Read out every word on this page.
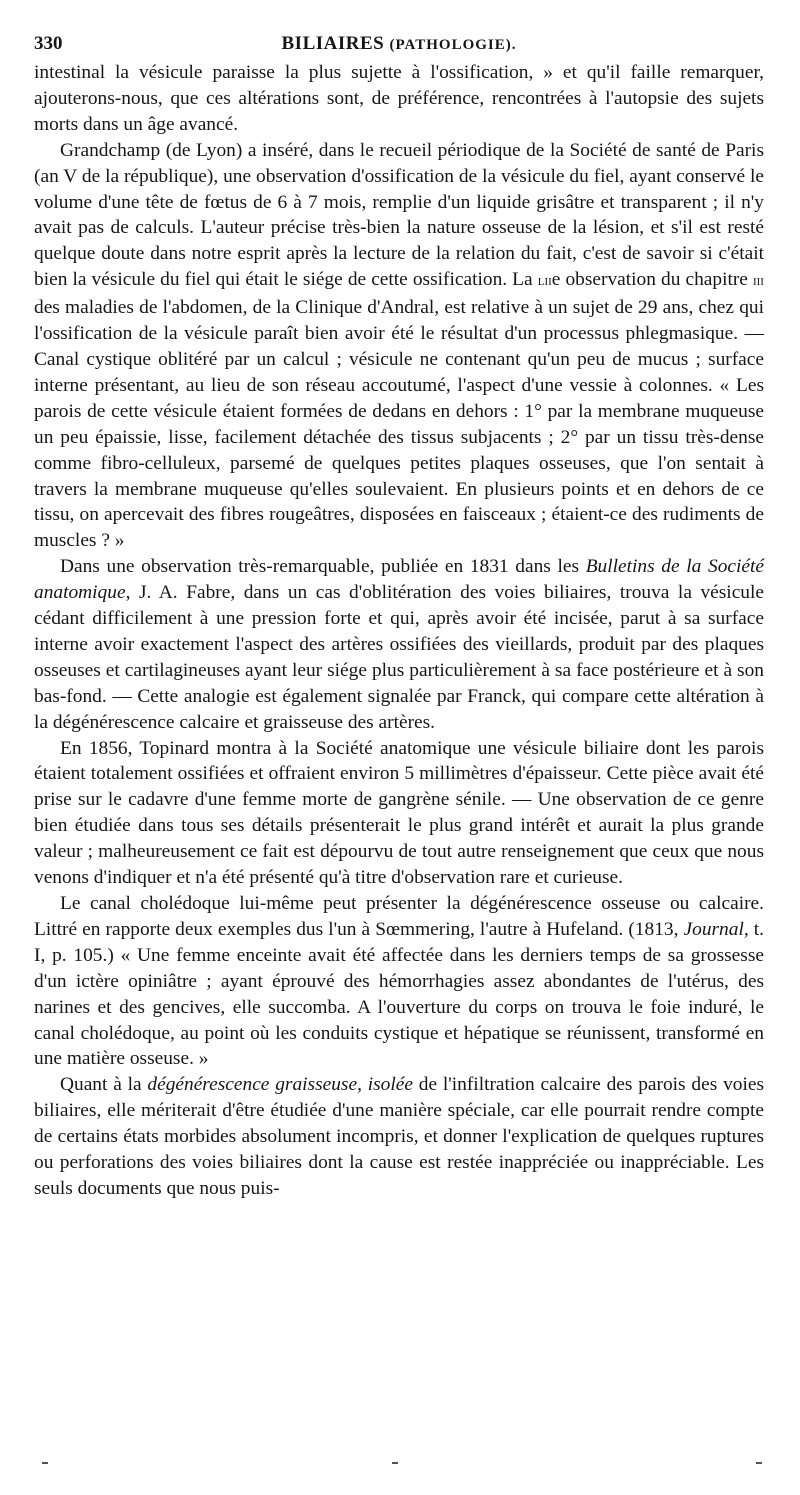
330	BILIAIRES (PATHOLOGIE).

intestinal la vésicule paraisse la plus sujette à l'ossification, » et qu'il faille remarquer, ajouterons-nous, que ces altérations sont, de préférence, rencontrées à l'autopsie des sujets morts dans un âge avancé.

Grandchamp (de Lyon) a inséré, dans le recueil périodique de la Société de santé de Paris (an V de la république), une observation d'ossification de la vésicule du fiel, ayant conservé le volume d'une tête de fœtus de 6 à 7 mois, remplie d'un liquide grisâtre et transparent ; il n'y avait pas de calculs. L'auteur précise très-bien la nature osseuse de la lésion, et s'il est resté quelque doute dans notre esprit après la lecture de la relation du fait, c'est de savoir si c'était bien la vésicule du fiel qui était le siége de cette ossification. La liie observation du chapitre iii des maladies de l'abdomen, de la Clinique d'Andral, est relative à un sujet de 29 ans, chez qui l'ossification de la vésicule paraît bien avoir été le résultat d'un processus phlegmasique. — Canal cystique oblitéré par un calcul ; vésicule ne contenant qu'un peu de mucus ; surface interne présentant, au lieu de son réseau accoutumé, l'aspect d'une vessie à colonnes. « Les parois de cette vésicule étaient formées de dedans en dehors : 1° par la membrane muqueuse un peu épaissie, lisse, facilement détachée des tissus subjacents ; 2° par un tissu très-dense comme fibro-celluleux, parsemé de quelques petites plaques osseuses, que l'on sentait à travers la membrane muqueuse qu'elles soulevaient. En plusieurs points et en dehors de ce tissu, on apercevait des fibres rougeâtres, disposées en faisceaux ; étaient-ce des rudiments de muscles ? »

Dans une observation très-remarquable, publiée en 1831 dans les Bulletins de la Société anatomique, J. A. Fabre, dans un cas d'oblitération des voies biliaires, trouva la vésicule cédant difficilement à une pression forte et qui, après avoir été incisée, parut à sa surface interne avoir exactement l'aspect des artères ossifiées des vieillards, produit par des plaques osseuses et cartilagineuses ayant leur siége plus particulièrement à sa face postérieure et à son bas-fond. — Cette analogie est également signalée par Franck, qui compare cette altération à la dégénérescence calcaire et graisseuse des artères.

En 1856, Topinard montra à la Société anatomique une vésicule biliaire dont les parois étaient totalement ossifiées et offraient environ 5 millimètres d'épaisseur. Cette pièce avait été prise sur le cadavre d'une femme morte de gangrène sénile. — Une observation de ce genre bien étudiée dans tous ses détails présenterait le plus grand intérêt et aurait la plus grande valeur ; malheureusement ce fait est dépourvu de tout autre renseignement que ceux que nous venons d'indiquer et n'a été présenté qu'à titre d'observation rare et curieuse.

Le canal cholédoque lui-même peut présenter la dégénérescence osseuse ou calcaire. Littré en rapporte deux exemples dus l'un à Sœmmering, l'autre à Hufeland. (1813, Journal, t. I, p. 105.) « Une femme enceinte avait été affectée dans les derniers temps de sa grossesse d'un ictère opiniâtre ; ayant éprouvé des hémorrhagies assez abondantes de l'utérus, des narines et des gencives, elle succomba. A l'ouverture du corps on trouva le foie induré, le canal cholédoque, au point où les conduits cystique et hépatique se réunissent, transformé en une matière osseuse. »

Quant à la dégénérescence graisseuse, isolée de l'infiltration calcaire des parois des voies biliaires, elle mériterait d'être étudiée d'une manière spéciale, car elle pourrait rendre compte de certains états morbides absolument incompris, et donner l'explication de quelques ruptures ou perforations des voies biliaires dont la cause est restée inappréciée ou inappréciable. Les seuls documents que nous puis-
